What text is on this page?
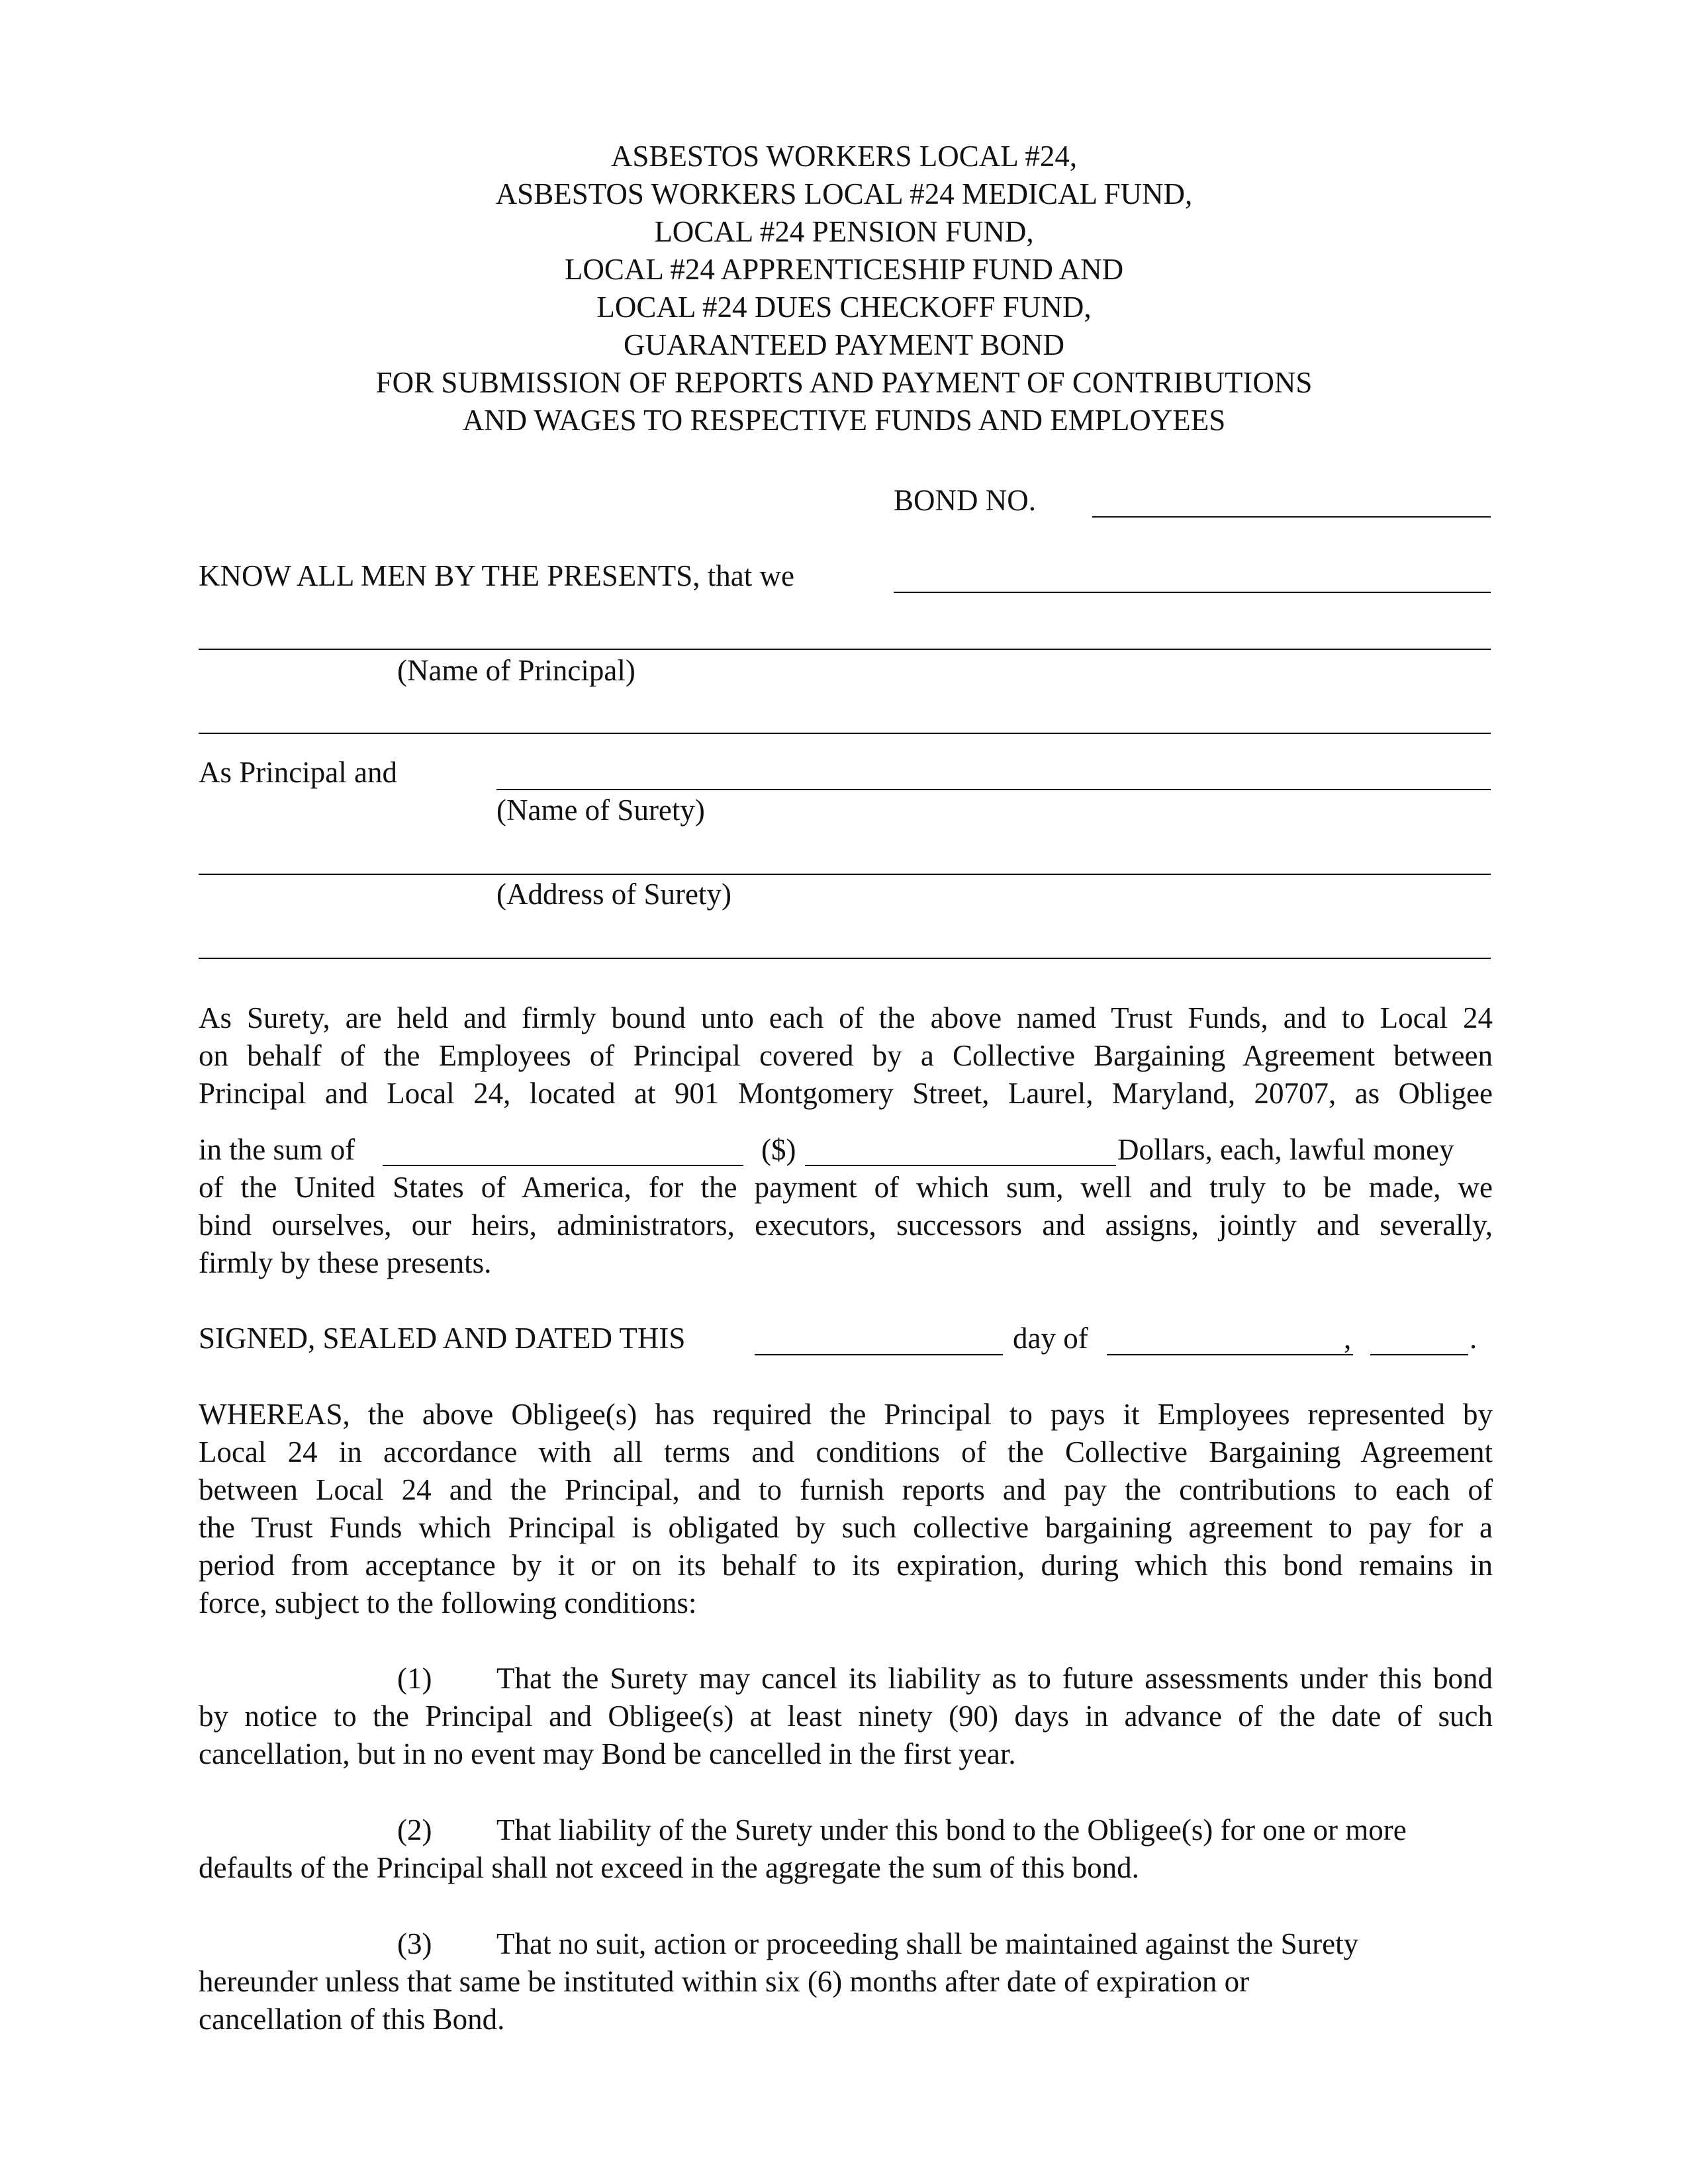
ASBESTOS WORKERS LOCAL #24,
ASBESTOS WORKERS LOCAL #24 MEDICAL FUND,
LOCAL #24 PENSION FUND,
LOCAL #24 APPRENTICESHIP FUND AND
LOCAL #24 DUES CHECKOFF FUND,
GUARANTEED PAYMENT BOND
FOR SUBMISSION OF REPORTS AND PAYMENT OF CONTRIBUTIONS
AND WAGES TO RESPECTIVE FUNDS AND EMPLOYEES
BOND NO.
KNOW ALL MEN BY THE PRESENTS, that we
(Name of Principal)
As Principal and
(Name of Surety)
(Address of Surety)
As Surety, are held and firmly bound unto each of the above named Trust Funds, and to Local 24
on behalf of the Employees of Principal covered by a Collective Bargaining Agreement between
Principal and Local 24, located at 901 Montgomery Street, Laurel, Maryland, 20707, as Obligee
in the sum of	($)	Dollars, each, lawful money
of the United States of America, for the payment of which sum, well and truly to be made, we
bind ourselves, our heirs, administrators, executors, successors and assigns, jointly and severally,
firmly by these presents.
SIGNED, SEALED AND DATED THIS	day of	,	.
WHEREAS, the above Obligee(s) has required the Principal to pays it Employees represented by
Local 24 in accordance with all terms and conditions of the Collective Bargaining Agreement
between Local 24 and the Principal, and to furnish reports and pay the contributions to each of
the Trust Funds which Principal is obligated by such collective bargaining agreement to pay for a
period from acceptance by it or on its behalf to its expiration, during which this bond remains in
force, subject to the following conditions:
(1) That the Surety may cancel its liability as to future assessments under this bond
by notice to the Principal and Obligee(s) at least ninety (90) days in advance of the date of such
cancellation, but in no event may Bond be cancelled in the first year.
(2) That liability of the Surety under this bond to the Obligee(s) for one or more
defaults of the Principal shall not exceed in the aggregate the sum of this bond.
(3) That no suit, action or proceeding shall be maintained against the Surety
hereunder unless that same be instituted within six (6) months after date of expiration or
cancellation of this Bond.
